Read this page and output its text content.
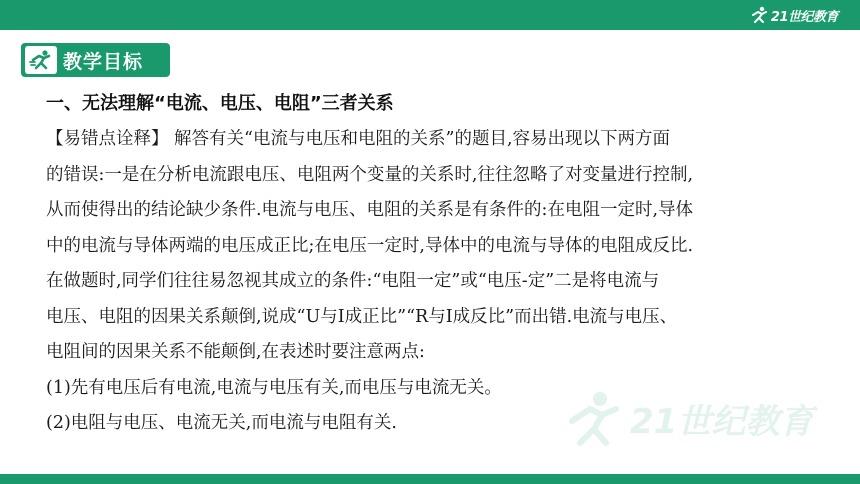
21世纪教育
教学目标
一、无法理解“电流、电压、电阻”三者关系
【易错点诠释】 解答有关“电流与电压和电阻的关系”的题目,容易出现以下两方面
的错误:一是在分析电流跟电压、电阻两个变量的关系时,往往忽略了对变量进行控制,
从而使得出的结论缺少条件.电流与电压、电阻的关系是有条件的:在电阻一定时,导体
中的电流与导体两端的电压成正比;在电压一定时,导体中的电流与导体的电阻成反比.
在做题时,同学们往往易忽视其成立的条件:“电阻一定”或“电压-定”二是将电流与
电压、电阻的因果关系颠倒,说成“U与I成正比”“R与I成反比”而出错.电流与电压、
电阻间的因果关系不能颠倒,在表述时要注意两点:
(1)先有电压后有电流,电流与电压有关,而电压与电流无关。
(2)电阻与电压、电流无关,而电流与电阻有关.	21世纪教育
